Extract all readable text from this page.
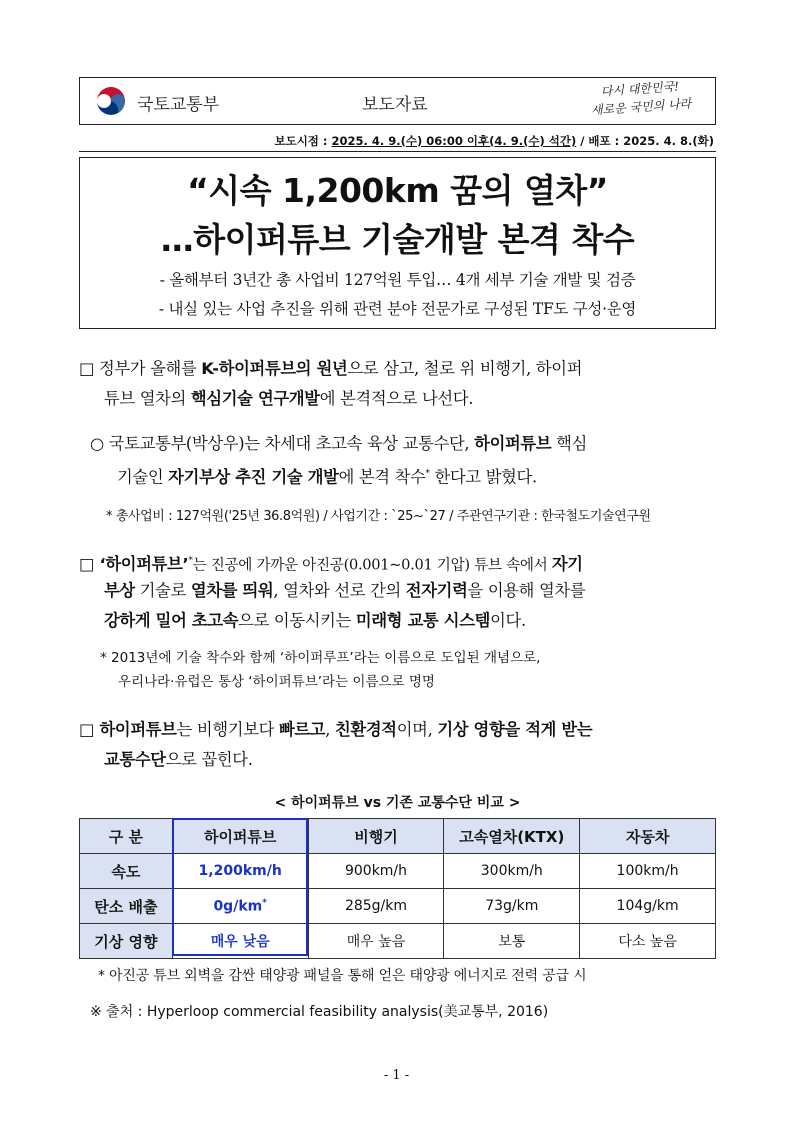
국토교통부	보도자료
다시 대한민국!
새로운 국민의 나라
보도시점 : 2025. 4. 9.(수) 06:00 이후(4. 9.(수) 석간) / 배포 : 2025. 4. 8.(화)
“시속 1,200km 꿈의 열차”
…하이퍼튜브 기술개발 본격 착수
- 올해부터 3년간 총 사업비 127억원 투입… 4개 세부 기술 개발 및 검증
- 내실 있는 사업 추진을 위해 관련 분야 전문가로 구성된 TF도 구성·운영
□ 정부가 올해를 K-하이퍼튜브의 원년으로 삼고, 철로 위 비행기, 하이퍼
튜브 열차의 핵심기술 연구개발에 본격적으로 나선다.
○ 국토교통부(박상우)는 차세대 초고속 육상 교통수단, 하이퍼튜브 핵심
기술인 자기부상 추진 기술 개발에 본격 착수* 한다고 밝혔다.
* 총사업비 : 127억원('25년 36.8억원) / 사업기간 : `25~`27 / 주관연구기관 : 한국철도기술연구원
□ ‘하이퍼튜브’*는 진공에 가까운 아진공(0.001~0.01 기압) 튜브 속에서 자기
부상 기술로 열차를 띄워, 열차와 선로 간의 전자기력을 이용해 열차를
강하게 밀어 초고속으로 이동시키는 미래형 교통 시스템이다.
* 2013년에 기술 착수와 함께 ‘하이퍼루프’라는 이름으로 도입된 개념으로,
우리나라·유럽은 통상 ‘하이퍼튜브’라는 이름으로 명명
□ 하이퍼튜브는 비행기보다 빠르고, 친환경적이며, 기상 영향을 적게 받는
교통수단으로 꼽힌다.
< 하이퍼튜브 vs 기존 교통수단 비교 >
구 분	하이퍼튜브	비행기	고속열차(KTX)	자동차
속도	1,200km/h	900km/h	300km/h	100km/h
탄소 배출	0g/km*	285g/km	73g/km	104g/km
기상 영향	매우 낮음	매우 높음	보통	다소 높음
* 아진공 튜브 외벽을 감싼 태양광 패널을 통해 얻은 태양광 에너지로 전력 공급 시
※ 출처 : Hyperloop commercial feasibility analysis(美교통부, 2016)
- 1 -
